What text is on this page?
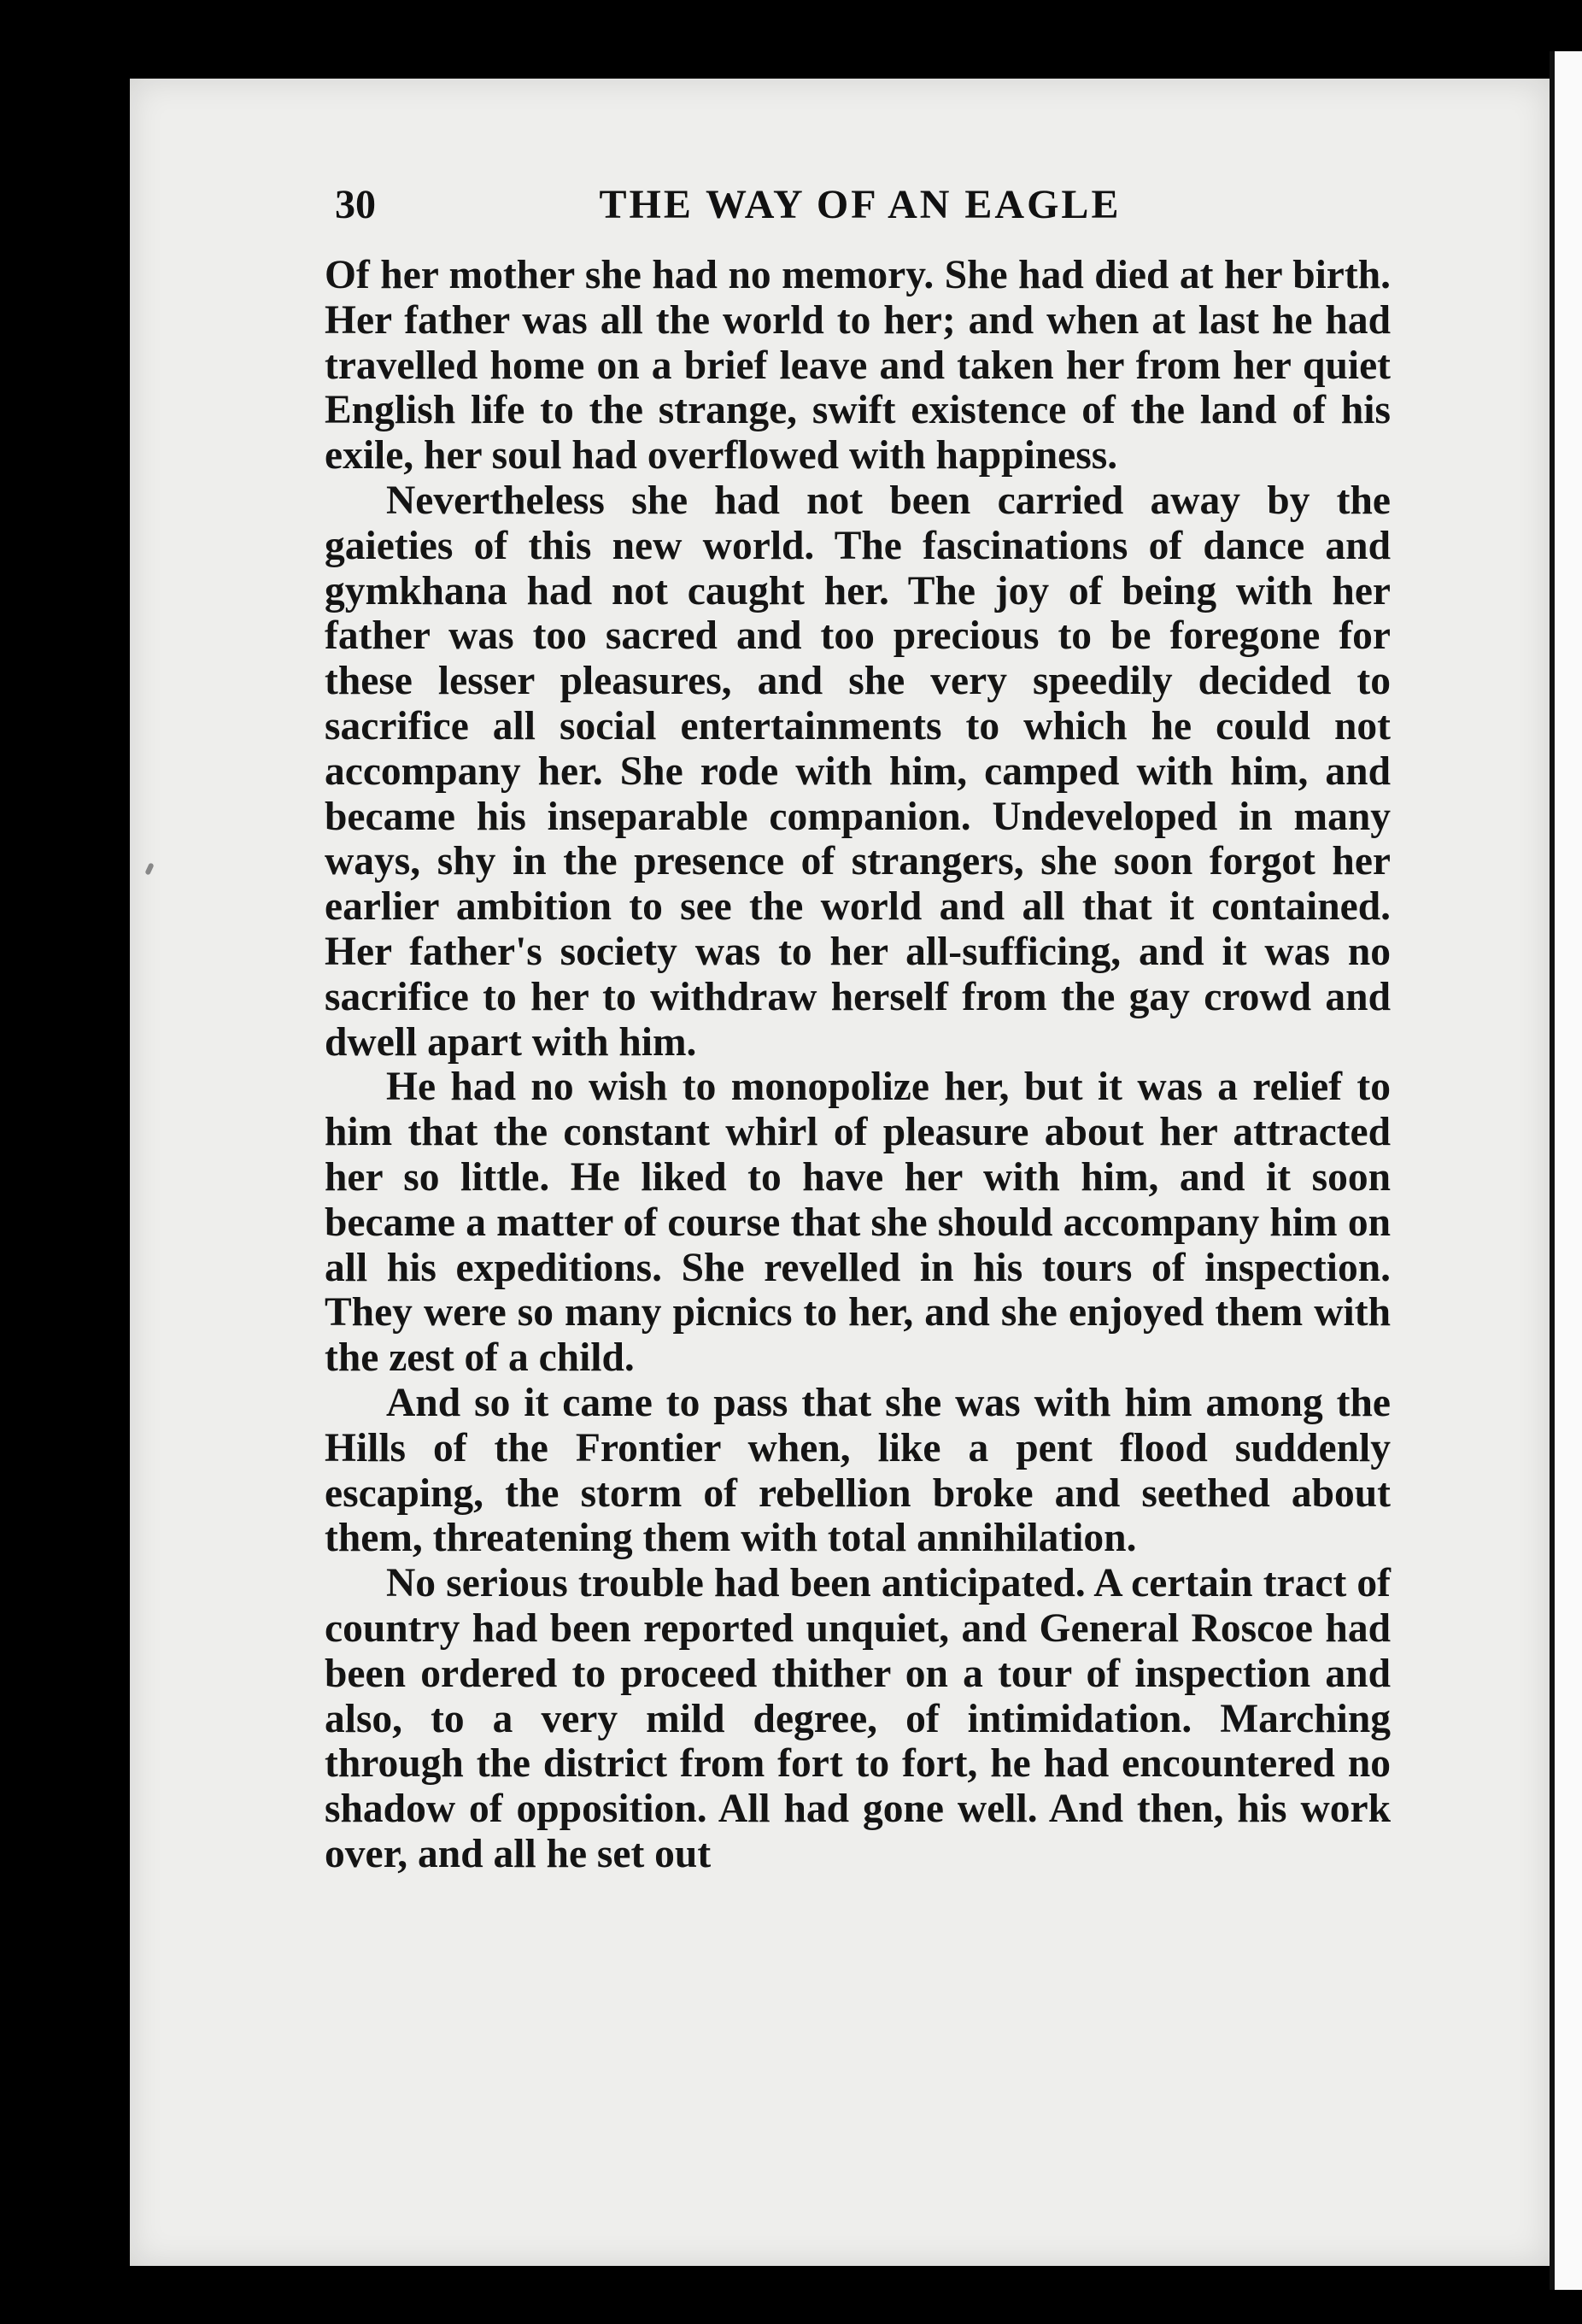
30	THE WAY OF AN EAGLE

Of her mother she had no memory. She had died at her birth. Her father was all the world to her; and when at last he had travelled home on a brief leave and taken her from her quiet English life to the strange, swift existence of the land of his exile, her soul had overflowed with happiness.

Nevertheless she had not been carried away by the gaieties of this new world. The fascinations of dance and gymkhana had not caught her. The joy of being with her father was too sacred and too precious to be foregone for these lesser pleasures, and she very speedily decided to sacrifice all social entertainments to which he could not accompany her. She rode with him, camped with him, and became his inseparable companion. Undeveloped in many ways, shy in the presence of strangers, she soon forgot her earlier ambition to see the world and all that it contained. Her father's society was to her all-sufficing, and it was no sacrifice to her to withdraw herself from the gay crowd and dwell apart with him.

He had no wish to monopolize her, but it was a relief to him that the constant whirl of pleasure about her attracted her so little. He liked to have her with him, and it soon became a matter of course that she should accompany him on all his expeditions. She revelled in his tours of inspection. They were so many picnics to her, and she enjoyed them with the zest of a child.

And so it came to pass that she was with him among the Hills of the Frontier when, like a pent flood suddenly escaping, the storm of rebellion broke and seethed about them, threatening them with total annihilation.

No serious trouble had been anticipated. A certain tract of country had been reported unquiet, and General Roscoe had been ordered to proceed thither on a tour of inspection and also, to a very mild degree, of intimidation. Marching through the district from fort to fort, he had encountered no shadow of opposition. All had gone well. And then, his work over, and all he set out
